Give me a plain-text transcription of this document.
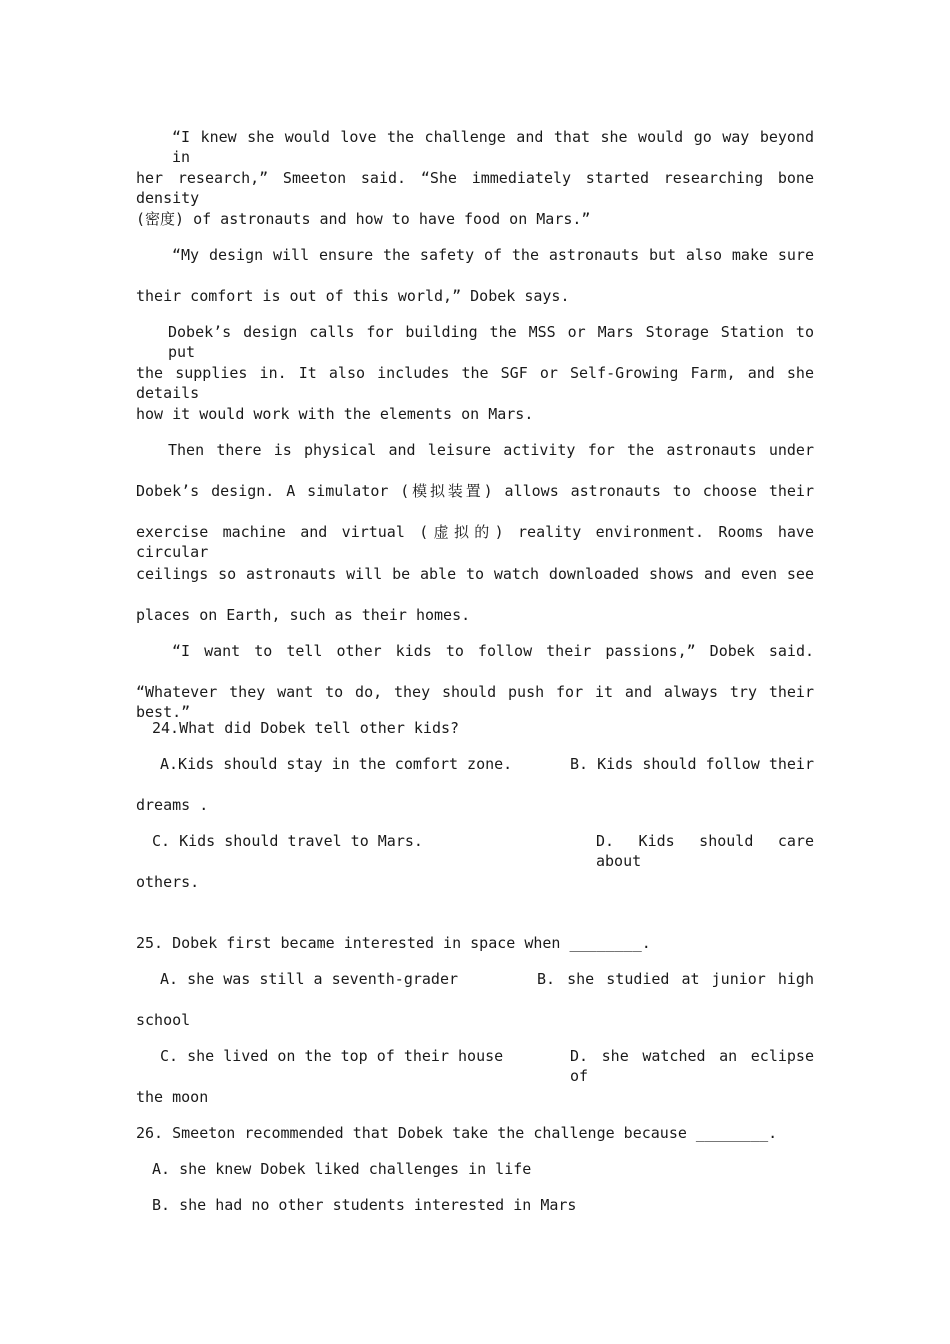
“I knew she would love the challenge and that she would go way beyond in
her research,” Smeeton said. “She immediately started researching bone density
(密度) of astronauts and how to have food on Mars.”
“My design will ensure the safety of the astronauts but also make sure
their comfort is out of this world,” Dobek says.
Dobek’s design calls for building the MSS or Mars Storage Station to put
the supplies in. It also includes the SGF or Self-Growing Farm, and she details
how it would work with the elements on Mars.
Then there is physical and leisure activity for the astronauts under
Dobek’s design. A simulator (模拟装置) allows astronauts to choose their
exercise machine and virtual (虚拟的) reality environment. Rooms have circular
ceilings so astronauts will be able to watch downloaded shows and even see
places on Earth, such as their homes.
“I want to tell other kids to follow their passions,” Dobek said.
“Whatever they want to do, they should push for it and always try their best.”
24.What did Dobek tell other kids?
A.Kids should stay in the comfort zone.	B. Kids should follow their
dreams .
C. Kids should travel to Mars.	D. Kids should care about
others.
25. Dobek first became interested in space when ________.
A. she was still a seventh-grader	B. she studied at junior high
school
C. she lived on the top of their house	D. she watched an eclipse of
the moon
26. Smeeton recommended that Dobek take the challenge because ________.
A. she knew Dobek liked challenges in life
B. she had no other students interested in Mars
